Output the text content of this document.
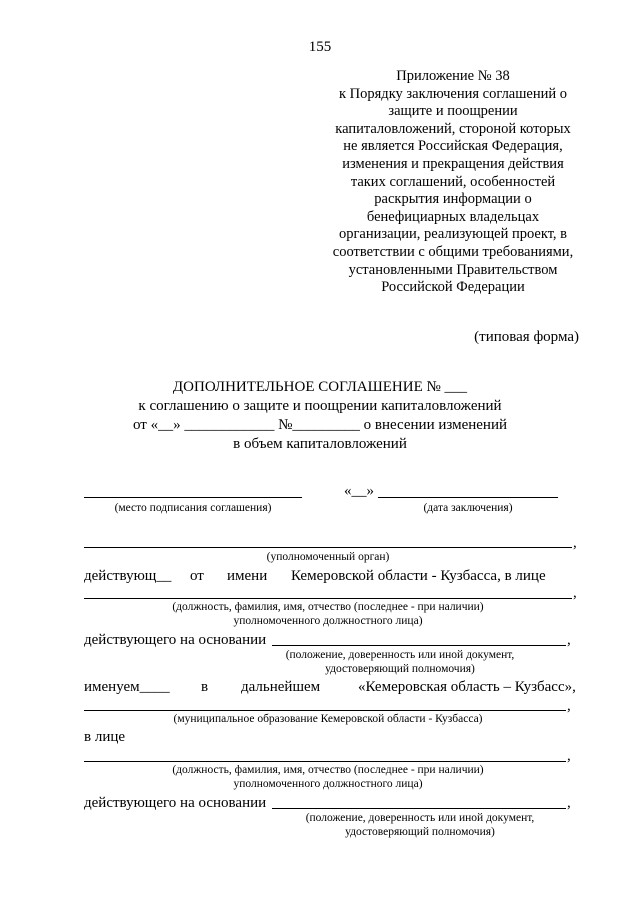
155
Приложение № 38
к Порядку заключения соглашений о
защите и поощрении
капиталовложений, стороной которых
не является Российская Федерация,
изменения и прекращения действия
таких соглашений, особенностей
раскрытия информации о
бенефициарных владельцах
организации, реализующей проект, в
соответствии с общими требованиями,
установленными Правительством
Российской Федерации
(типовая форма)
ДОПОЛНИТЕЛЬНОЕ СОГЛАШЕНИЕ № ___
к соглашению о защите и поощрении капиталовложений
от «__» ____________ №_________ о внесении изменений
в объем капиталовложений
«__»
(место подписания соглашения)	(дата заключения)
,
(уполномоченный орган)
действующ__ от имени Кемеровской области - Кузбасса, в лице
,
(должность, фамилия, имя, отчество (последнее - при наличии)
уполномоченного должностного лица)
действующего на основании	,
(положение, доверенность или иной документ,
удостоверяющий полномочия)
именуем____ в дальнейшем	«Кемеровская область – Кузбасс»,
,
(муниципальное образование Кемеровской области - Кузбасса)
в лице
,
(должность, фамилия, имя, отчество (последнее - при наличии)
уполномоченного должностного лица)
действующего на основании	,
(положение, доверенность или иной документ,
удостоверяющий полномочия)
